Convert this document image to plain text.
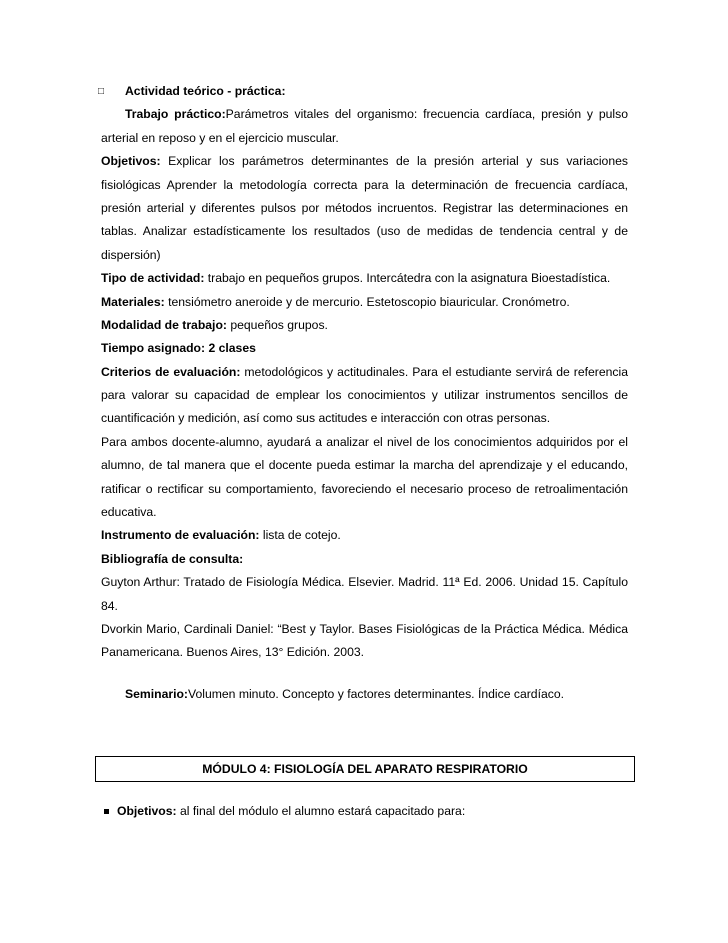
□ Actividad teórico - práctica:
Trabajo práctico:Parámetros vitales del organismo: frecuencia cardíaca, presión y pulso
arterial en reposo y en el ejercicio muscular.
Objetivos: Explicar los parámetros determinantes de la presión arterial y sus variaciones
fisiológicas Aprender la metodología correcta para la determinación de frecuencia cardíaca,
presión arterial y diferentes pulsos por métodos incruentos. Registrar las determinaciones en
tablas. Analizar estadísticamente los resultados (uso de medidas de tendencia central y de
dispersión)
Tipo de actividad: trabajo en pequeños grupos. Intercátedra con la asignatura Bioestadística.
Materiales: tensiómetro aneroide y de mercurio. Estetoscopio biauricular. Cronómetro.
Modalidad de trabajo: pequeños grupos.
Tiempo asignado: 2 clases
Criterios de evaluación: metodológicos y actitudinales. Para el estudiante servirá de referencia
para valorar su capacidad de emplear los conocimientos y utilizar instrumentos sencillos de
cuantificación y medición, así como sus actitudes e interacción con otras personas.
Para ambos docente-alumno, ayudará a analizar el nivel de los conocimientos adquiridos por el
alumno, de tal manera que el docente pueda estimar la marcha del aprendizaje y el educando,
ratificar o rectificar su comportamiento, favoreciendo el necesario proceso de retroalimentación
educativa.
Instrumento de evaluación: lista de cotejo.
Bibliografía de consulta:
Guyton Arthur: Tratado de Fisiología Médica. Elsevier. Madrid. 11ª Ed. 2006. Unidad 15. Capítulo
84.
Dvorkin Mario, Cardinali Daniel: “Best y Taylor. Bases Fisiológicas de la Práctica Médica. Médica
Panamericana. Buenos Aires, 13° Edición. 2003.
Seminario:Volumen minuto. Concepto y factores determinantes. Índice cardíaco.
MÓDULO 4: FISIOLOGÍA DEL APARATO RESPIRATORIO
Objetivos: al final del módulo el alumno estará capacitado para:
